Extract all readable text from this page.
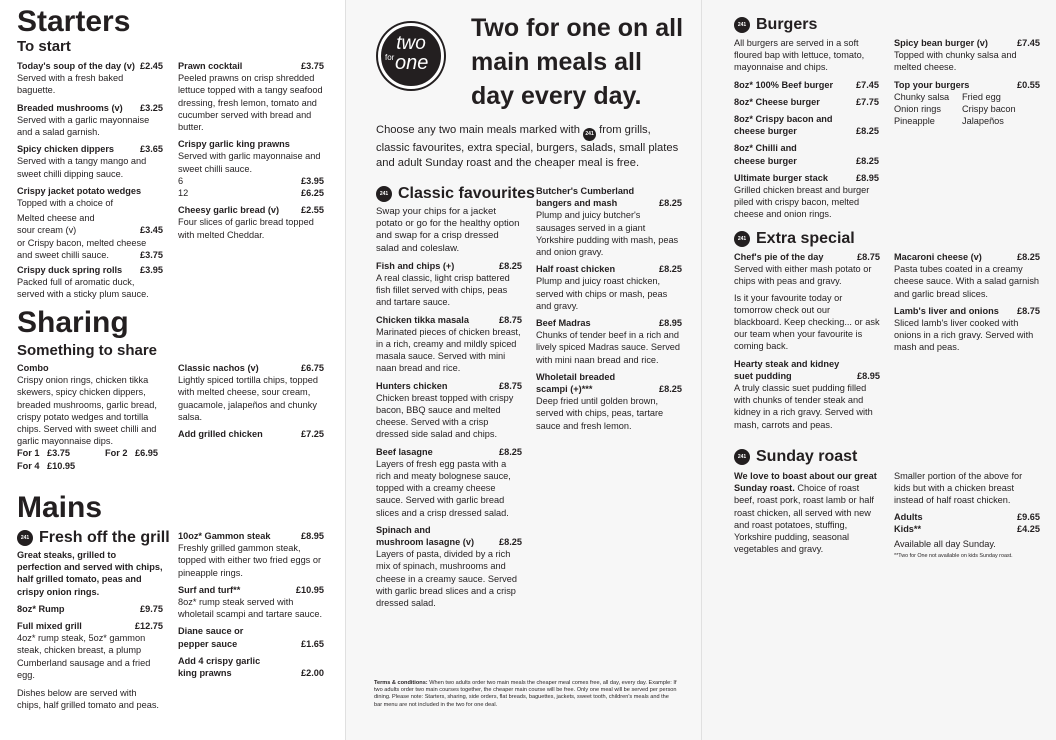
Starters
To start
Today's soup of the day (v) £2.45
Served with a fresh baked baguette.
Breaded mushrooms (v) £3.25
Served with a garlic mayonnaise and a salad garnish.
Spicy chicken dippers	£3.65
Served with a tangy mango and sweet chilli dipping sauce.
Crispy jacket potato wedges
Topped with a choice of
Melted cheese and
sour cream (v)	£3.45
or Crispy bacon, melted cheese
and sweet chilli sauce.	£3.75
Crispy duck spring rolls £3.95
Packed full of aromatic duck, served with a sticky plum sauce.
Prawn cocktail	£3.75
Peeled prawns on crisp shredded lettuce topped with a tangy seafood dressing, fresh lemon, tomato and cucumber served with bread and butter.
Crispy garlic king prawns
Served with garlic mayonnaise and sweet chilli sauce.
6	£3.95
12	£6.25
Cheesy garlic bread (v) £2.55
Four slices of garlic bread topped with melted Cheddar.
Sharing
Something to share
Combo
Crispy onion rings, chicken tikka skewers, spicy chicken dippers, breaded mushrooms, garlic bread, crispy potato wedges and tortilla chips. Served with sweet chilli and garlic mayonnaise dips.
For 1 £3.75	For 2 £6.95
For 4 £10.95
Classic nachos (v)	£6.75
Lightly spiced tortilla chips, topped with melted cheese, sour cream, guacamole, jalapeños and chunky salsa.
Add grilled chicken	£7.25
Mains
241 Fresh off the grill
Great steaks, grilled to perfection and served with chips, half grilled tomato, peas and crispy onion rings.
8oz* Rump	£9.75
Full mixed grill	£12.75
4oz* rump steak, 5oz* gammon steak, chicken breast, a plump Cumberland sausage and a fried egg.
Dishes below are served with chips, half grilled tomato and peas.
10oz* Gammon steak	£8.95
Freshly grilled gammon steak, topped with either two fried eggs or pineapple rings.
Surf and turf**	£10.95
8oz* rump steak served with wholetail scampi and tartare sauce.
Diane sauce or pepper sauce	£1.65
Add 4 crispy garlic king prawns	£2.00
two
for one
Two for one on all main meals all day every day.
Choose any two main meals marked with 241 from grills, classic favourites, extra special, burgers, salads, small plates and adult Sunday roast and the cheaper meal is free.
241 Classic favourites
Swap your chips for a jacket potato or go for the healthy option and swap for a crisp dressed salad and coleslaw.
Fish and chips (+)	£8.25
A real classic, light crisp battered fish fillet served with chips, peas and tartare sauce.
Chicken tikka masala	£8.75
Marinated pieces of chicken breast, in a rich, creamy and mildly spiced masala sauce. Served with mini naan bread and rice.
Hunters chicken	£8.75
Chicken breast topped with crispy bacon, BBQ sauce and melted cheese. Served with a crisp dressed side salad and chips.
Beef lasagne	£8.25
Layers of fresh egg pasta with a rich and meaty bolognese sauce, topped with a creamy cheese sauce. Served with garlic bread slices and a crisp dressed salad.
Spinach and mushroom lasagne (v)	£8.25
Layers of pasta, divided by a rich mix of spinach, mushrooms and cheese in a creamy sauce. Served with garlic bread slices and a crisp dressed salad.
Butcher's Cumberland bangers and mash	£8.25
Plump and juicy butcher's sausages served in a giant Yorkshire pudding with mash, peas and onion gravy.
Half roast chicken	£8.25
Plump and juicy roast chicken, served with chips or mash, peas and gravy.
Beef Madras	£8.95
Chunks of tender beef in a rich and lively spiced Madras sauce. Served with mini naan bread and rice.
Wholetail breaded scampi (+)***	£8.25
Deep fried until golden brown, served with chips, peas, tartare sauce and fresh lemon.
Terms & conditions: When two adults order two main meals the cheaper meal comes free, all day, every day. Example: If two adults order two main courses together, the cheaper main course will be free. Only one meal will be served per person dining. Please note: Starters, sharing, side orders, flat breads, baguettes, jackets, sweet tooth, children's meals and the bar menu are not included in the two for one deal.
241 Burgers
All burgers are served in a soft floured bap with lettuce, tomato, mayonnaise and chips.
8oz* 100% Beef burger £7.45
8oz* Cheese burger	£7.75
8oz* Crispy bacon and cheese burger	£8.25
8oz* Chilli and cheese burger	£8.25
Ultimate burger stack	£8.95
Grilled chicken breast and burger piled with crispy bacon, melted cheese and onion rings.
Spicy bean burger (v)	£7.45
Topped with chunky salsa and melted cheese.
Top your burgers	£0.55
Chunky salsa	Fried egg
Onion rings	Crispy bacon
Pineapple	Jalapeños
241 Extra special
Chef's pie of the day	£8.75
Served with either mash potato or chips with peas and gravy.
Is it your favourite today or tomorrow check out our blackboard. Keep checking... or ask our team when your favourite is coming back.
Hearty steak and kidney suet pudding	£8.95
A truly classic suet pudding filled with chunks of tender steak and kidney in a rich gravy. Served with mash, carrots and peas.
Macaroni cheese (v)	£8.25
Pasta tubes coated in a creamy cheese sauce. With a salad garnish and garlic bread slices.
Lamb's liver and onions £8.75
Sliced lamb's liver cooked with onions in a rich gravy. Served with mash and peas.
241 Sunday roast
We love to boast about our great Sunday roast. Choice of roast beef, roast pork, roast lamb or half roast chicken, all served with new and roast potatoes, stuffing, Yorkshire pudding, seasonal vegetables and gravy.
Smaller portion of the above for kids but with a chicken breast instead of half roast chicken.
Adults	£9.65
Kids**	£4.25
Available all day Sunday.
**Two for One not available on kids Sunday roast.
